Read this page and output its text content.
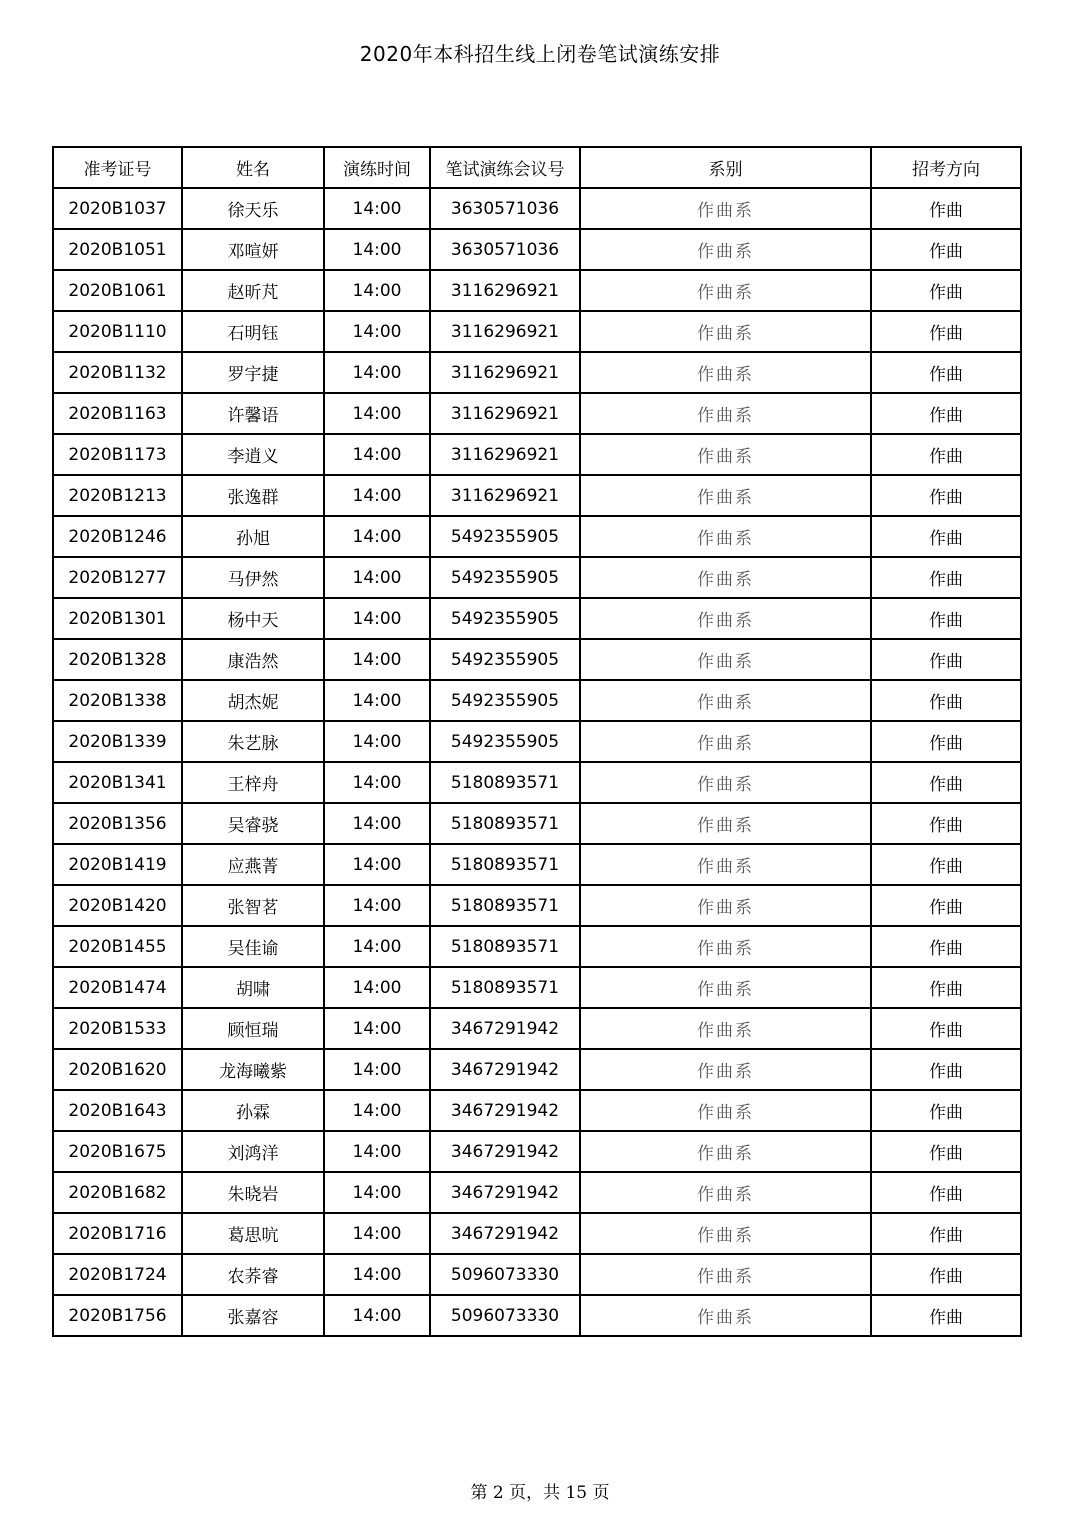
2020年本科招生线上闭卷笔试演练安排
准考证号	姓名	演练时间	笔试演练会议号	系别	招考方向
2020B1037	徐天乐	14:00	3630571036	作曲系	作曲
2020B1051	邓喧妍	14:00	3630571036	作曲系	作曲
2020B1061	赵昕芃	14:00	3116296921	作曲系	作曲
2020B1110	石明钰	14:00	3116296921	作曲系	作曲
2020B1132	罗宇捷	14:00	3116296921	作曲系	作曲
2020B1163	许馨语	14:00	3116296921	作曲系	作曲
2020B1173	李逍义	14:00	3116296921	作曲系	作曲
2020B1213	张逸群	14:00	3116296921	作曲系	作曲
2020B1246	孙旭	14:00	5492355905	作曲系	作曲
2020B1277	马伊然	14:00	5492355905	作曲系	作曲
2020B1301	杨中天	14:00	5492355905	作曲系	作曲
2020B1328	康浩然	14:00	5492355905	作曲系	作曲
2020B1338	胡杰妮	14:00	5492355905	作曲系	作曲
2020B1339	朱艺脉	14:00	5492355905	作曲系	作曲
2020B1341	王梓舟	14:00	5180893571	作曲系	作曲
2020B1356	吴睿骁	14:00	5180893571	作曲系	作曲
2020B1419	应燕菁	14:00	5180893571	作曲系	作曲
2020B1420	张智茗	14:00	5180893571	作曲系	作曲
2020B1455	吴佳谕	14:00	5180893571	作曲系	作曲
2020B1474	胡啸	14:00	5180893571	作曲系	作曲
2020B1533	顾恒瑞	14:00	3467291942	作曲系	作曲
2020B1620	龙海曦紫	14:00	3467291942	作曲系	作曲
2020B1643	孙霖	14:00	3467291942	作曲系	作曲
2020B1675	刘鸿洋	14:00	3467291942	作曲系	作曲
2020B1682	朱晓岩	14:00	3467291942	作曲系	作曲
2020B1716	葛思吭	14:00	3467291942	作曲系	作曲
2020B1724	农荞睿	14:00	5096073330	作曲系	作曲
2020B1756	张嘉容	14:00	5096073330	作曲系	作曲
第 2 页，共 15 页
